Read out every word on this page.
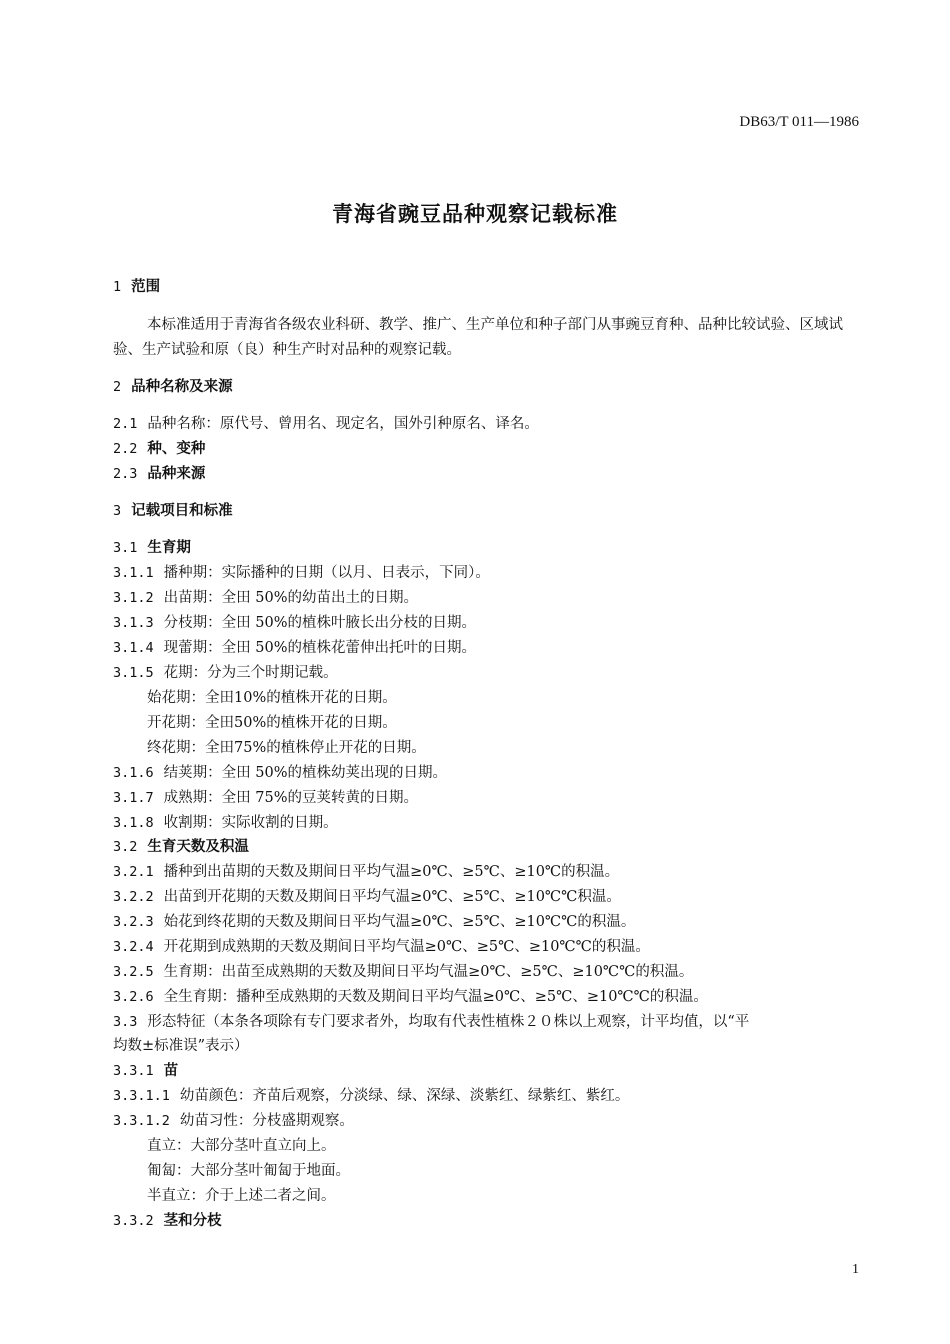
DB63/T 011—1986
青海省豌豆品种观察记载标准
1 范围
本标准适用于青海省各级农业科研、教学、推广、生产单位和种子部门从事豌豆育种、品种比较试验、区域试验、生产试验和原（良）种生产时对品种的观察记载。
2 品种名称及来源
2.1 品种名称：原代号、曾用名、现定名，国外引种原名、译名。
2.2 种、变种
2.3 品种来源
3 记载项目和标准
3.1 生育期
3.1.1 播种期：实际播种的日期（以月、日表示，下同）。
3.1.2 出苗期：全田 50%的幼苗出土的日期。
3.1.3 分枝期：全田 50%的植株叶腋长出分枝的日期。
3.1.4 现蕾期：全田 50%的植株花蕾伸出托叶的日期。
3.1.5 花期：分为三个时期记载。
始花期：全田10%的植株开花的日期。
开花期：全田50%的植株开花的日期。
终花期：全田75%的植株停止开花的日期。
3.1.6 结荚期：全田 50%的植株幼荚出现的日期。
3.1.7 成熟期：全田 75%的豆荚转黄的日期。
3.1.8 收割期：实际收割的日期。
3.2 生育天数及积温
3.2.1 播种到出苗期的天数及期间日平均气温≥0℃、≥5℃、≥10℃的积温。
3.2.2 出苗到开花期的天数及期间日平均气温≥0℃、≥5℃、≥10℃℃积温。
3.2.3 始花到终花期的天数及期间日平均气温≥0℃、≥5℃、≥10℃℃的积温。
3.2.4 开花期到成熟期的天数及期间日平均气温≥0℃、≥5℃、≥10℃℃的积温。
3.2.5 生育期：出苗至成熟期的天数及期间日平均气温≥0℃、≥5℃、≥10℃℃的积温。
3.2.6 全生育期：播种至成熟期的天数及期间日平均气温≥0℃、≥5℃、≥10℃℃的积温。
3.3 形态特征（本条各项除有专门要求者外，均取有代表性植株２０株以上观察，计平均值，以“平
均数±标准误”表示）
3.3.1 苗
3.3.1.1 幼苗颜色：齐苗后观察，分淡绿、绿、深绿、淡紫红、绿紫红、紫红。
3.3.1.2 幼苗习性：分枝盛期观察。
直立：大部分茎叶直立向上。
匍匐：大部分茎叶匍匐于地面。
半直立：介于上述二者之间。
3.3.2 茎和分枝
1
